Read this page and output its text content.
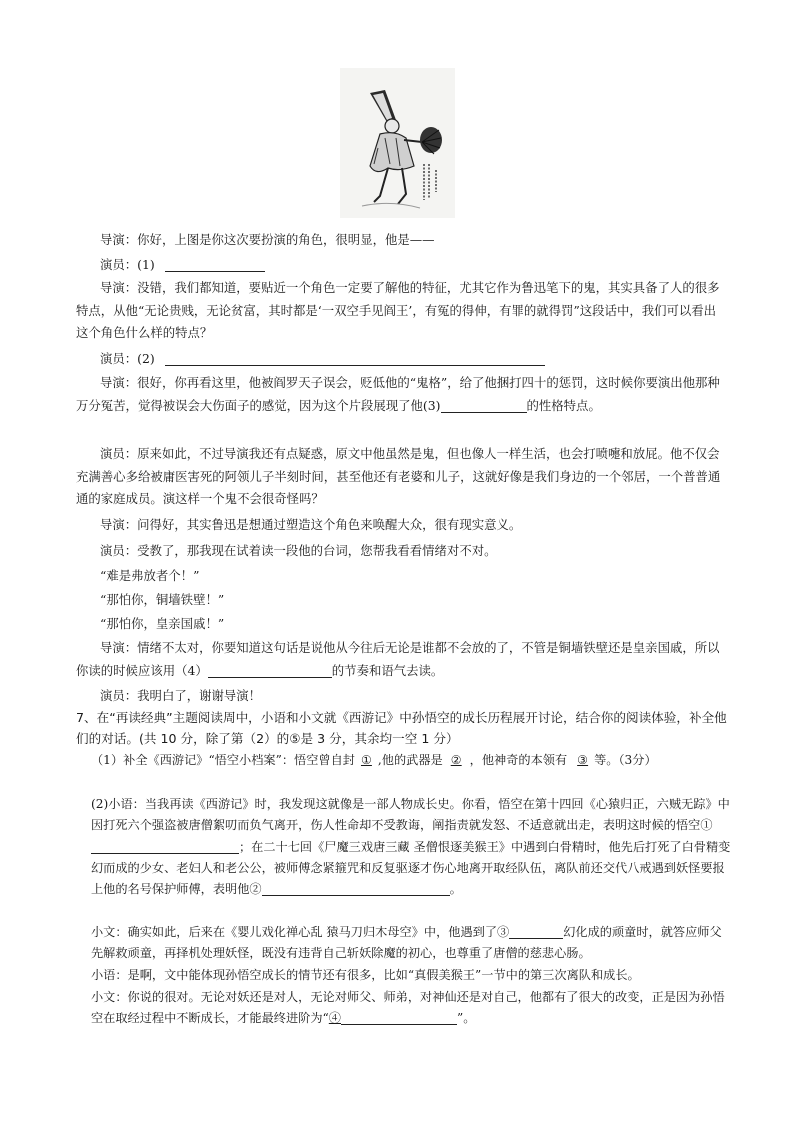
导演：你好，上图是你这次要扮演的角色，很明显，他是——

演员：(1)

导演：没错，我们都知道，要贴近一个角色一定要了解他的特征，尤其它作为鲁迅笔下的鬼，其实具备了人的很多特点，从他“无论贵贱，无论贫富，其时都是‘一双空手见阎王’，有冤的得伸，有罪的就得罚”这段话中，我们可以看出这个角色什么样的特点？

演员：(2)

导演：很好，你再看这里，他被阎罗天子误会，贬低他的“鬼格”，给了他捆打四十的惩罚，这时候你要演出他那种万分冤苦，觉得被误会大伤面子的感觉，因为这个片段展现了他(3)	的性格特点。

演员：原来如此，不过导演我还有点疑惑，原文中他虽然是鬼，但也像人一样生活，也会打喷嚏和放屁。他不仅会充满善心多给被庸医害死的阿领儿子半刻时间，甚至他还有老婆和儿子，这就好像是我们身边的一个邻居，一个普普通通的家庭成员。演这样一个鬼不会很奇怪吗？

导演：问得好，其实鲁迅是想通过塑造这个角色来唤醒大众，很有现实意义。

演员：受教了，那我现在试着读一段他的台词，您帮我看看情绪对不对。

“难是弗放者个！”

“那怕你，铜墙铁壁！”

“那怕你，皇亲国戚！”

导演：情绪不太对，你要知道这句话是说他从今往后无论是谁都不会放的了，不管是铜墙铁壁还是皇亲国戚，所以你读的时候应该用（4）	的节奏和语气去读。

演员：我明白了，谢谢导演！

7、在“再读经典”主题阅读周中，小语和小文就《西游记》中孙悟空的成长历程展开讨论，结合你的阅读体验，补全他们的对话。(共 10 分，除了第（2）的⑤是 3 分，其余均一空 1 分）

（1）补全《西游记》“悟空小档案”：悟空曾自封 ① ,他的武器是 ② ，他神奇的本领有 ③ 等。（3分）

(2)小语：当我再读《西游记》时，我发现这就像是一部人物成长史。你看，悟空在第十四回《心猿归正，六贼无踪》中因打死六个强盗被唐僧絮叨而负气离开，伤人性命却不受教诲，阐指责就发怒、不适意就出走，表明这时候的悟空①；在二十七回《尸魔三戏唐三藏 圣僧恨逐美猴王》中遇到白骨精时，他先后打死了白骨精变幻而成的少女、老妇人和老公公，被师傅念紧箍咒和反复驱逐才伤心地离开取经队伍，离队前还交代八戒遇到妖怪要报上他的名号保护师傅，表明他②	。

小文：确实如此，后来在《婴儿戏化禅心乱 猿马刀归木母空》中，他遇到了③	幻化成的顽童时，就答应师父先解救顽童，再择机处理妖怪，既没有违背自己斩妖除魔的初心，也尊重了唐僧的慈悲心肠。

小语：是啊，文中能体现孙悟空成长的情节还有很多，比如“真假美猴王”一节中的第三次离队和成长。

小文：你说的很对。无论对妖还是对人，无论对师父、师弟，对神仙还是对自己，他都有了很大的改变，正是因为孙悟空在取经过程中不断成长，才能最终进阶为“④	”。
